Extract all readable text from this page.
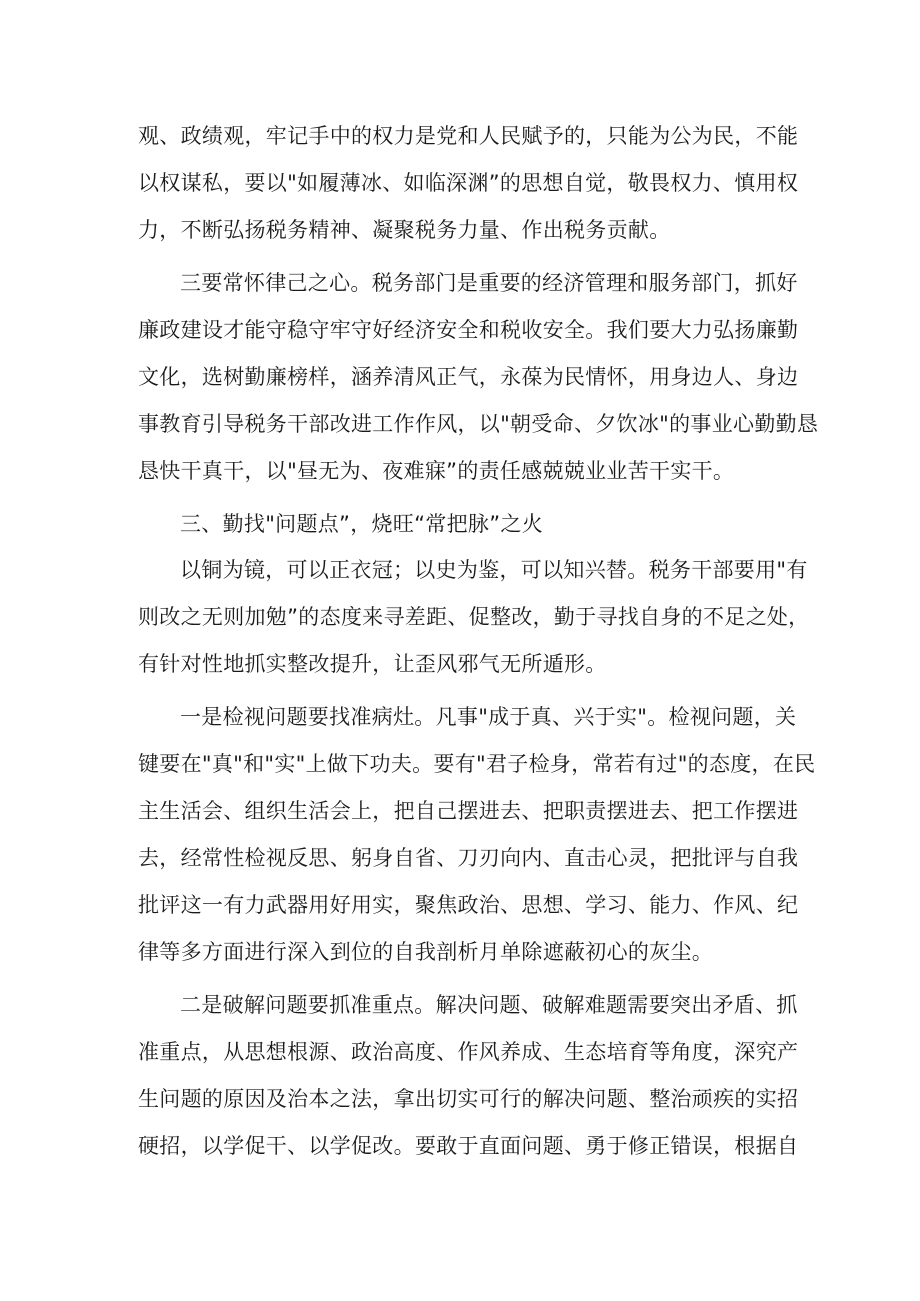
观、政绩观，牢记手中的权力是党和人民赋予的，只能为公为民，不能
以权谋私，要以"如履薄冰、如临深渊”的思想自觉，敬畏权力、慎用权
力，不断弘扬税务精神、凝聚税务力量、作出税务贡献。
三要常怀律己之心。税务部门是重要的经济管理和服务部门，抓好
廉政建设才能守稳守牢守好经济安全和税收安全。我们要大力弘扬廉勤
文化，选树勤廉榜样，涵养清风正气，永葆为民情怀，用身边人、身边
事教育引导税务干部改进工作作风，以"朝受命、夕饮冰"的事业心勤勤恳
恳快干真干，以"昼无为、夜难寐”的责任感兢兢业业苦干实干。
三、勤找"问题点”，烧旺“常把脉”之火
以铜为镜，可以正衣冠；以史为鉴，可以知兴替。税务干部要用"有
则改之无则加勉”的态度来寻差距、促整改，勤于寻找自身的不足之处，
有针对性地抓实整改提升，让歪风邪气无所遁形。
一是检视问题要找准病灶。凡事"成于真、兴于实"。检视问题，关
键要在"真"和"实"上做下功夫。要有"君子检身，常若有过"的态度，在民
主生活会、组织生活会上，把自己摆进去、把职责摆进去、把工作摆进
去，经常性检视反思、躬身自省、刀刃向内、直击心灵，把批评与自我
批评这一有力武器用好用实，聚焦政治、思想、学习、能力、作风、纪
律等多方面进行深入到位的自我剖析月单除遮蔽初心的灰尘。
二是破解问题要抓准重点。解决问题、破解难题需要突出矛盾、抓
准重点，从思想根源、政治高度、作风养成、生态培育等角度，深究产
生问题的原因及治本之法，拿出切实可行的解决问题、整治顽疾的实招
硬招，以学促干、以学促改。要敢于直面问题、勇于修正错误，根据自
